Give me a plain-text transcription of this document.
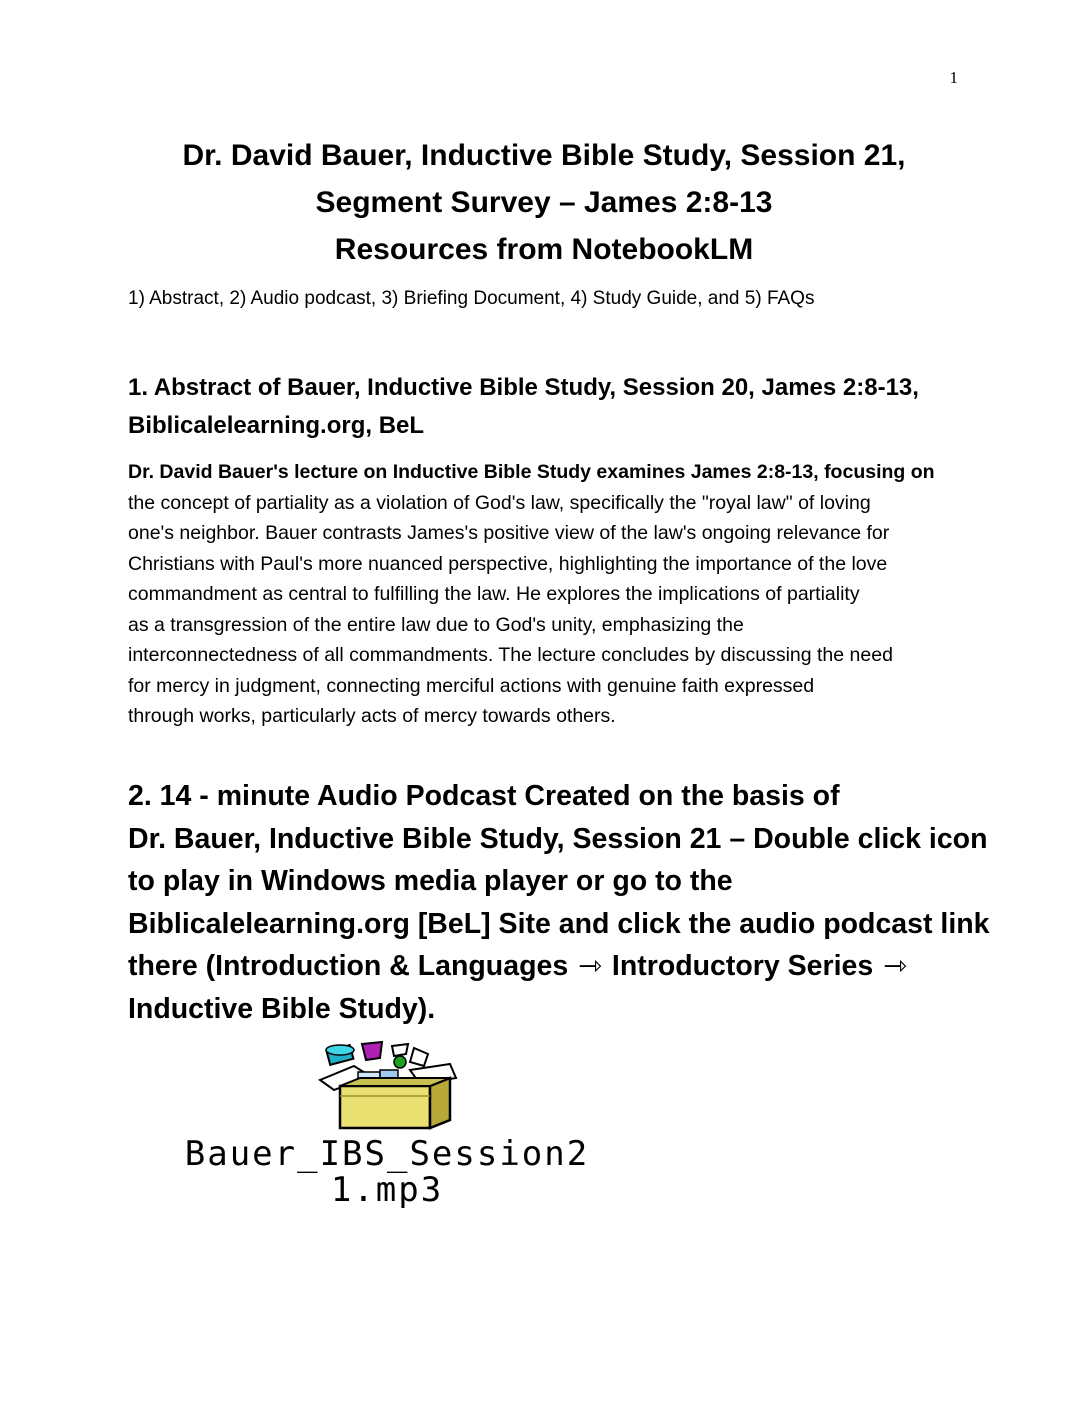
1
Dr. David Bauer, Inductive Bible Study, Session 21,
Segment Survey – James 2:8-13
Resources from NotebookLM
1) Abstract, 2) Audio podcast, 3) Briefing Document, 4) Study Guide, and 5) FAQs
1. Abstract of Bauer, Inductive Bible Study, Session 20, James 2:8-13,
Biblicalelearning.org, BeL
Dr. David Bauer's lecture on Inductive Bible Study examines James 2:8-13, focusing on
the concept of partiality as a violation of God's law, specifically the "royal law" of loving
one's neighbor. Bauer contrasts James's positive view of the law's ongoing relevance for
Christians with Paul's more nuanced perspective, highlighting the importance of the love
commandment as central to fulfilling the law. He explores the implications of partiality
as a transgression of the entire law due to God's unity, emphasizing the
interconnectedness of all commandments. The lecture concludes by discussing the need
for mercy in judgment, connecting merciful actions with genuine faith expressed
through works, particularly acts of mercy towards others.
2. 14 - minute Audio Podcast Created on the basis of
Dr. Bauer, Inductive Bible Study, Session 21 – Double click icon
to play in Windows media player or go to the
Biblicalelearning.org [BeL] Site and click the audio podcast link
there (Introduction & Languages ⇾ Introductory Series ⇾
Inductive Bible Study).
Bauer_IBS_Session2
1.mp3
